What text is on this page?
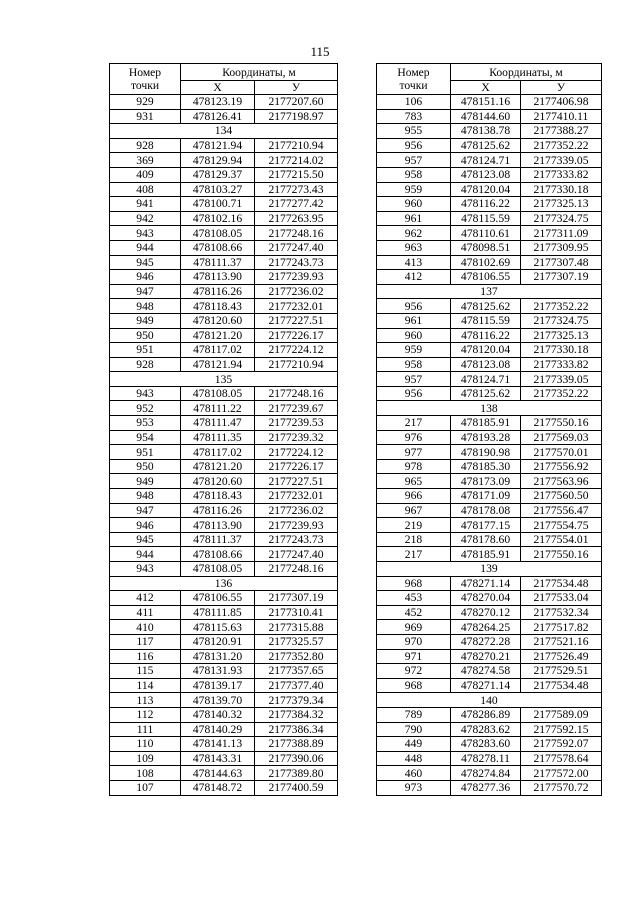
115
Номер
точки	Координаты, м	
	X	У
929	478123.19	2177207.60
931	478126.41	2177198.97
134		
928	478121.94	2177210.94
369	478129.94	2177214.02
409	478129.37	2177215.50
408	478103.27	2177273.43
941	478100.71	2177277.42
942	478102.16	2177263.95
943	478108.05	2177248.16
944	478108.66	2177247.40
945	478111.37	2177243.73
946	478113.90	2177239.93
947	478116.26	2177236.02
948	478118.43	2177232.01
949	478120.60	2177227.51
950	478121.20	2177226.17
951	478117.02	2177224.12
928	478121.94	2177210.94
135		
943	478108.05	2177248.16
952	478111.22	2177239.67
953	478111.47	2177239.53
954	478111.35	2177239.32
951	478117.02	2177224.12
950	478121.20	2177226.17
949	478120.60	2177227.51
948	478118.43	2177232.01
947	478116.26	2177236.02
946	478113.90	2177239.93
945	478111.37	2177243.73
944	478108.66	2177247.40
943	478108.05	2177248.16
136		
412	478106.55	2177307.19
411	478111.85	2177310.41
410	478115.63	2177315.88
117	478120.91	2177325.57
116	478131.20	2177352.80
115	478131.93	2177357.65
114	478139.17	2177377.40
113	478139.70	2177379.34
112	478140.32	2177384.32
111	478140.29	2177386.34
110	478141.13	2177388.89
109	478143.31	2177390.06
108	478144.63	2177389.80
107	478148.72	2177400.59
Номер
точки	Координаты, м	
	X	У
106	478151.16	2177406.98
783	478144.60	2177410.11
955	478138.78	2177388.27
956	478125.62	2177352.22
957	478124.71	2177339.05
958	478123.08	2177333.82
959	478120.04	2177330.18
960	478116.22	2177325.13
961	478115.59	2177324.75
962	478110.61	2177311.09
963	478098.51	2177309.95
413	478102.69	2177307.48
412	478106.55	2177307.19
137		
956	478125.62	2177352.22
961	478115.59	2177324.75
960	478116.22	2177325.13
959	478120.04	2177330.18
958	478123.08	2177333.82
957	478124.71	2177339.05
956	478125.62	2177352.22
138		
217	478185.91	2177550.16
976	478193.28	2177569.03
977	478190.98	2177570.01
978	478185.30	2177556.92
965	478173.09	2177563.96
966	478171.09	2177560.50
967	478178.08	2177556.47
219	478177.15	2177554.75
218	478178.60	2177554.01
217	478185.91	2177550.16
139		
968	478271.14	2177534.48
453	478270.04	2177533.04
452	478270.12	2177532.34
969	478264.25	2177517.82
970	478272.28	2177521.16
971	478270.21	2177526.49
972	478274.58	2177529.51
968	478271.14	2177534.48
140		
789	478286.89	2177589.09
790	478283.62	2177592.15
449	478283.60	2177592.07
448	478278.11	2177578.64
460	478274.84	2177572.00
973	478277.36	2177570.72
